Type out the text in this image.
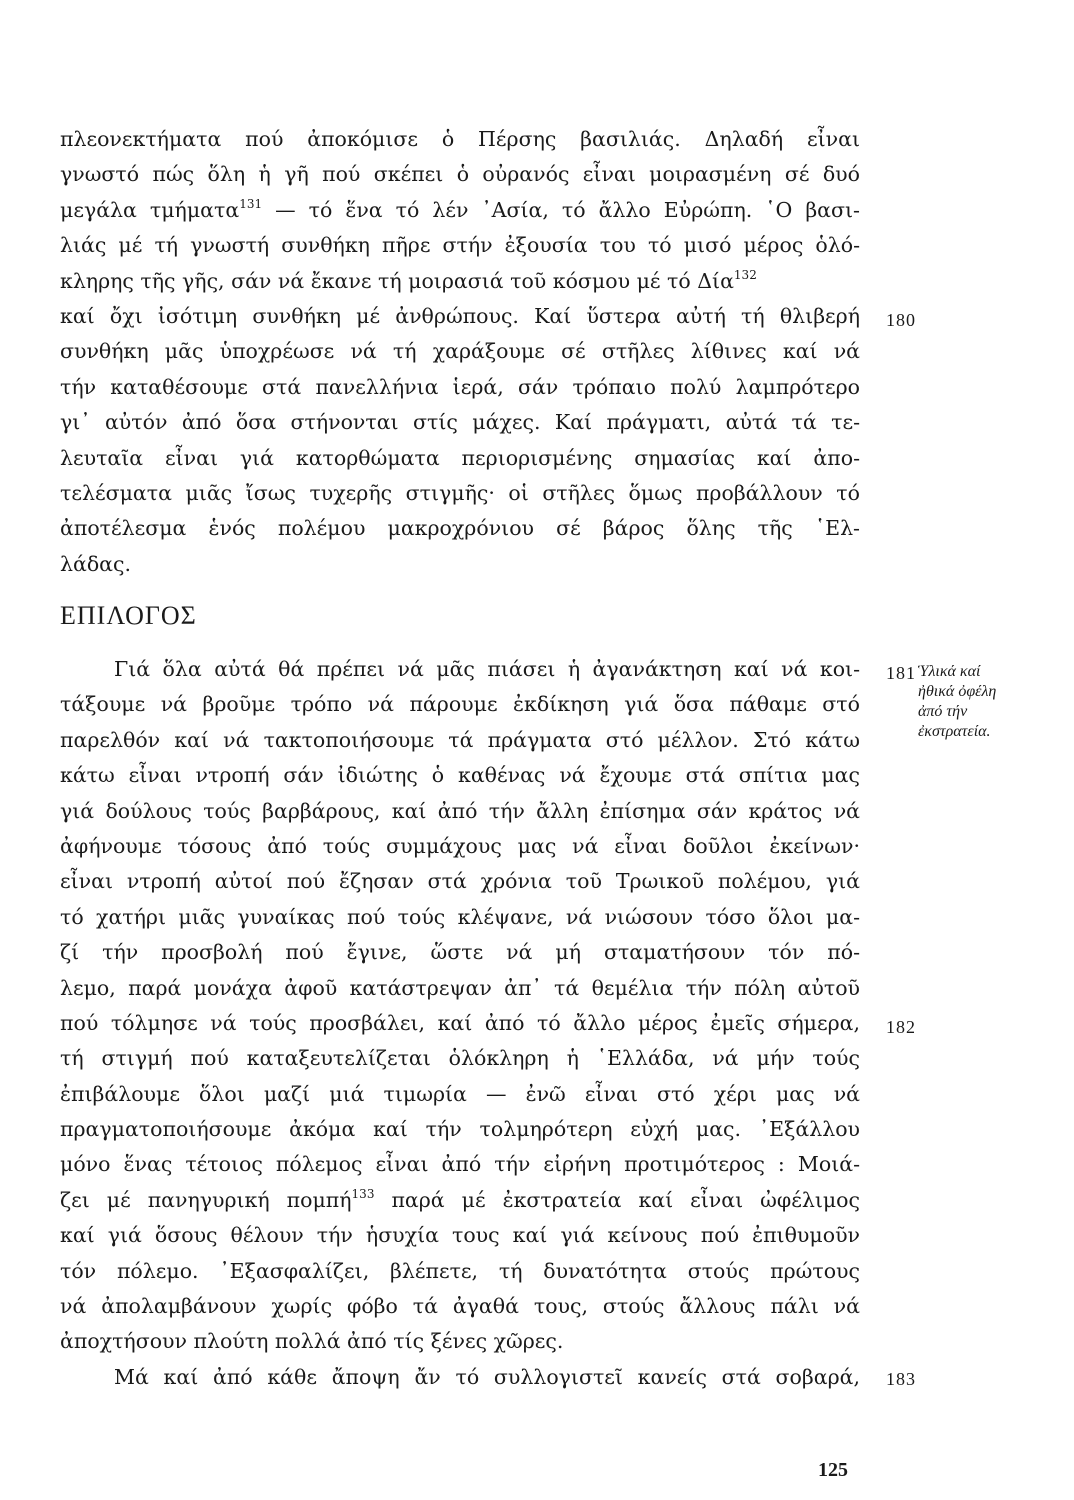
πλεονεκτήματα πού ἀποκόμισε ὁ Πέρσης βασιλιάς. Δηλαδή εἶναι
γνωστό πώς ὅλη ἡ γῆ πού σκέπει ὁ οὐρανός εἶναι μοιρασμένη σέ δυό
μεγάλα τμήματα$^{131}$ — τό ἕνα τό λέν ᾿Ασία, τό ἄλλο Εὐρώπη. ῾Ο βασι-
λιάς μέ τή γνωστή συνθήκη πῆρε στήν ἐξουσία του τό μισό μέρος ὁλό-
κληρης τῆς γῆς, σάν νά ἔκανε τή μοιρασιά τοῦ κόσμου μέ τό Δία$^{132}$
καί ὄχι ἰσότιμη συνθήκη μέ ἀνθρώπους. Καί ὕστερα αὐτή τή θλιβερή
συνθήκη μᾶς ὑποχρέωσε νά τή χαράξουμε σέ στῆλες λίθινες καί νά
τήν καταθέσουμε στά πανελλήνια ἱερά, σάν τρόπαιο πολύ λαμπρότερο
γι᾿ αὐτόν ἀπό ὅσα στήνονται στίς μάχες. Καί πράγματι, αὐτά τά τε-
λευταῖα εἶναι γιά κατορθώματα περιορισμένης σημασίας καί ἀπο-
τελέσματα μιᾶς ἴσως τυχερῆς στιγμῆς· οἱ στῆλες ὅμως προβάλλουν τό
ἀποτέλεσμα ἑνός πολέμου μακροχρόνιου σέ βάρος ὅλης τῆς ῾Ελ-
λάδας.
ΕΠΙΛΟΓΟΣ
Γιά ὅλα αὐτά θά πρέπει νά μᾶς πιάσει ἡ ἀγανάκτηση καί νά κοι-
τάξουμε νά βροῦμε τρόπο νά πάρουμε ἐκδίκηση γιά ὅσα πάθαμε στό
παρελθόν καί νά τακτοποιήσουμε τά πράγματα στό μέλλον. Στό κάτω
κάτω εἶναι ντροπή σάν ἰδιώτης ὁ καθένας νά ἔχουμε στά σπίτια μας
γιά δούλους τούς βαρβάρους, καί ἀπό τήν ἄλλη ἐπίσημα σάν κράτος νά
ἀφήνουμε τόσους ἀπό τούς συμμάχους μας νά εἶναι δοῦλοι ἐκείνων·
εἶναι ντροπή αὐτοί πού ἔζησαν στά χρόνια τοῦ Τρωικοῦ πολέμου, γιά
τό χατήρι μιᾶς γυναίκας πού τούς κλέψανε, νά νιώσουν τόσο ὅλοι μα-
ζί τήν προσβολή πού ἔγινε, ὥστε νά μή σταματήσουν τόν πό-
λεμο, παρά μονάχα ἀφοῦ κατάστρεψαν ἀπ᾿ τά θεμέλια τήν πόλη αὐτοῦ
πού τόλμησε νά τούς προσβάλει, καί ἀπό τό ἄλλο μέρος ἐμεῖς σήμερα,
τή στιγμή πού καταξευτελίζεται ὁλόκληρη ἡ ῾Ελλάδα, νά μήν τούς
ἐπιβάλουμε ὅλοι μαζί μιά τιμωρία — ἐνῶ εἶναι στό χέρι μας νά
πραγματοποιήσουμε ἀκόμα καί τήν τολμηρότερη εὐχή μας. ᾿Εξάλλου
μόνο ἕνας τέτοιος πόλεμος εἶναι ἀπό τήν εἰρήνη προτιμότερος : Μοιά-
ζει μέ πανηγυρική πομπή$^{133}$ παρά μέ ἐκστρατεία καί εἶναι ὠφέλιμος
καί γιά ὅσους θέλουν τήν ἡσυχία τους καί γιά κείνους πού ἐπιθυμοῦν
τόν πόλεμο. ᾿Εξασφαλίζει, βλέπετε, τή δυνατότητα στούς πρώτους
νά ἀπολαμβάνουν χωρίς φόβο τά ἀγαθά τους, στούς ἄλλους πάλι νά
ἀποχτήσουν πλούτη πολλά ἀπό τίς ξένες χῶρες.
Μά καί ἀπό κάθε ἄποψη ἄν τό συλλογιστεῖ κανείς στά σοβαρά,
180
181
182
183
Ὑλικά καί
ἠθικά ὀφέλη
ἀπό τήν
ἐκστρατεία.
125
